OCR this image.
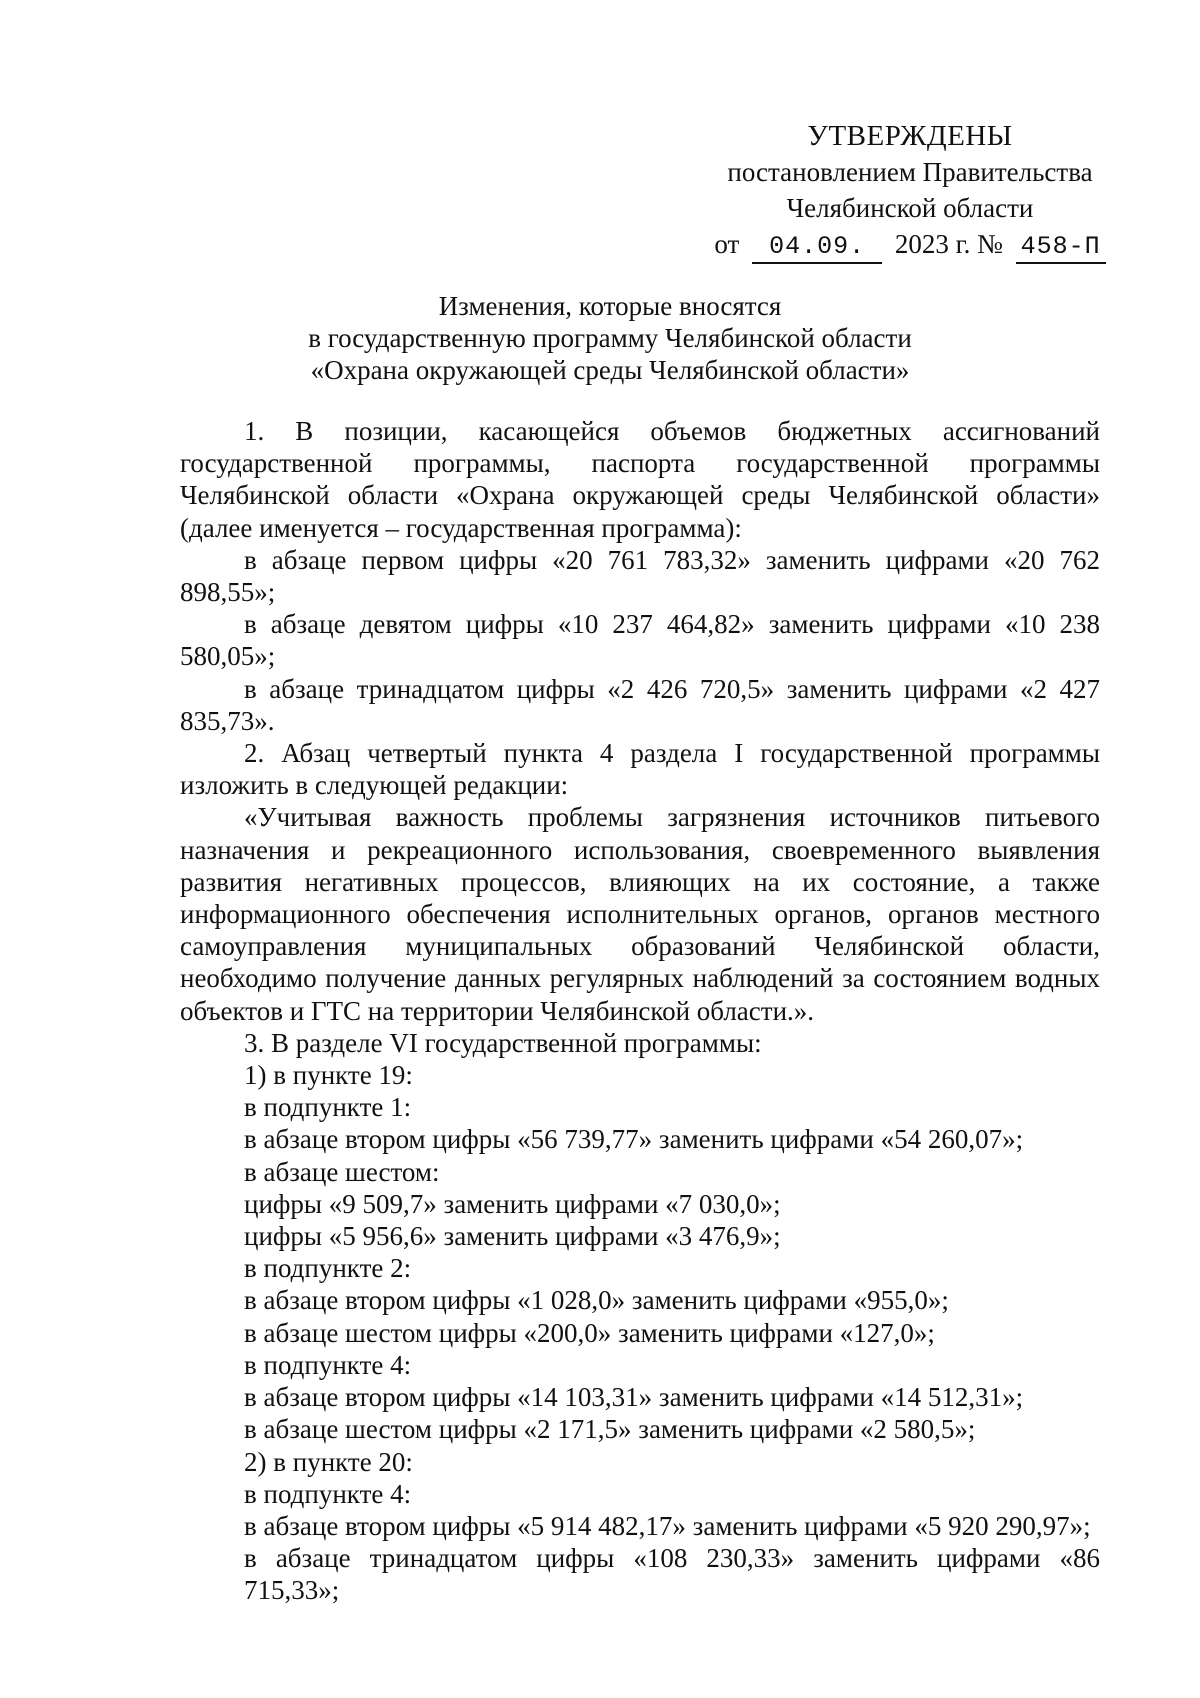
УТВЕРЖДЕНЫ
постановлением Правительства
Челябинской области
от 04.09. 2023 г. № 458-П
Изменения, которые вносятся
в государственную программу Челябинской области
«Охрана окружающей среды Челябинской области»
1. В позиции, касающейся объемов бюджетных ассигнований государственной программы, паспорта государственной программы Челябинской области «Охрана окружающей среды Челябинской области» (далее именуется – государственная программа):
в абзаце первом цифры «20 761 783,32» заменить цифрами «20 762 898,55»;
в абзаце девятом цифры «10 237 464,82» заменить цифрами «10 238 580,05»;
в абзаце тринадцатом цифры «2 426 720,5» заменить цифрами «2 427 835,73».
2. Абзац четвертый пункта 4 раздела I государственной программы изложить в следующей редакции:
«Учитывая важность проблемы загрязнения источников питьевого назначения и рекреационного использования, своевременного выявления развития негативных процессов, влияющих на их состояние, а также информационного обеспечения исполнительных органов, органов местного самоуправления муниципальных образований Челябинской области, необходимо получение данных регулярных наблюдений за состоянием водных объектов и ГТС на территории Челябинской области.».
3. В разделе VI государственной программы:
1) в пункте 19:
в подпункте 1:
в абзаце втором цифры «56 739,77» заменить цифрами «54 260,07»;
в абзаце шестом:
цифры «9 509,7» заменить цифрами «7 030,0»;
цифры «5 956,6» заменить цифрами «3 476,9»;
в подпункте 2:
в абзаце втором цифры «1 028,0» заменить цифрами «955,0»;
в абзаце шестом цифры «200,0» заменить цифрами «127,0»;
в подпункте 4:
в абзаце втором цифры «14 103,31» заменить цифрами «14 512,31»;
в абзаце шестом цифры «2 171,5» заменить цифрами «2 580,5»;
2) в пункте 20:
в подпункте 4:
в абзаце втором цифры «5 914 482,17» заменить цифрами «5 920 290,97»;
в абзаце тринадцатом цифры «108 230,33» заменить цифрами «86 715,33»;
